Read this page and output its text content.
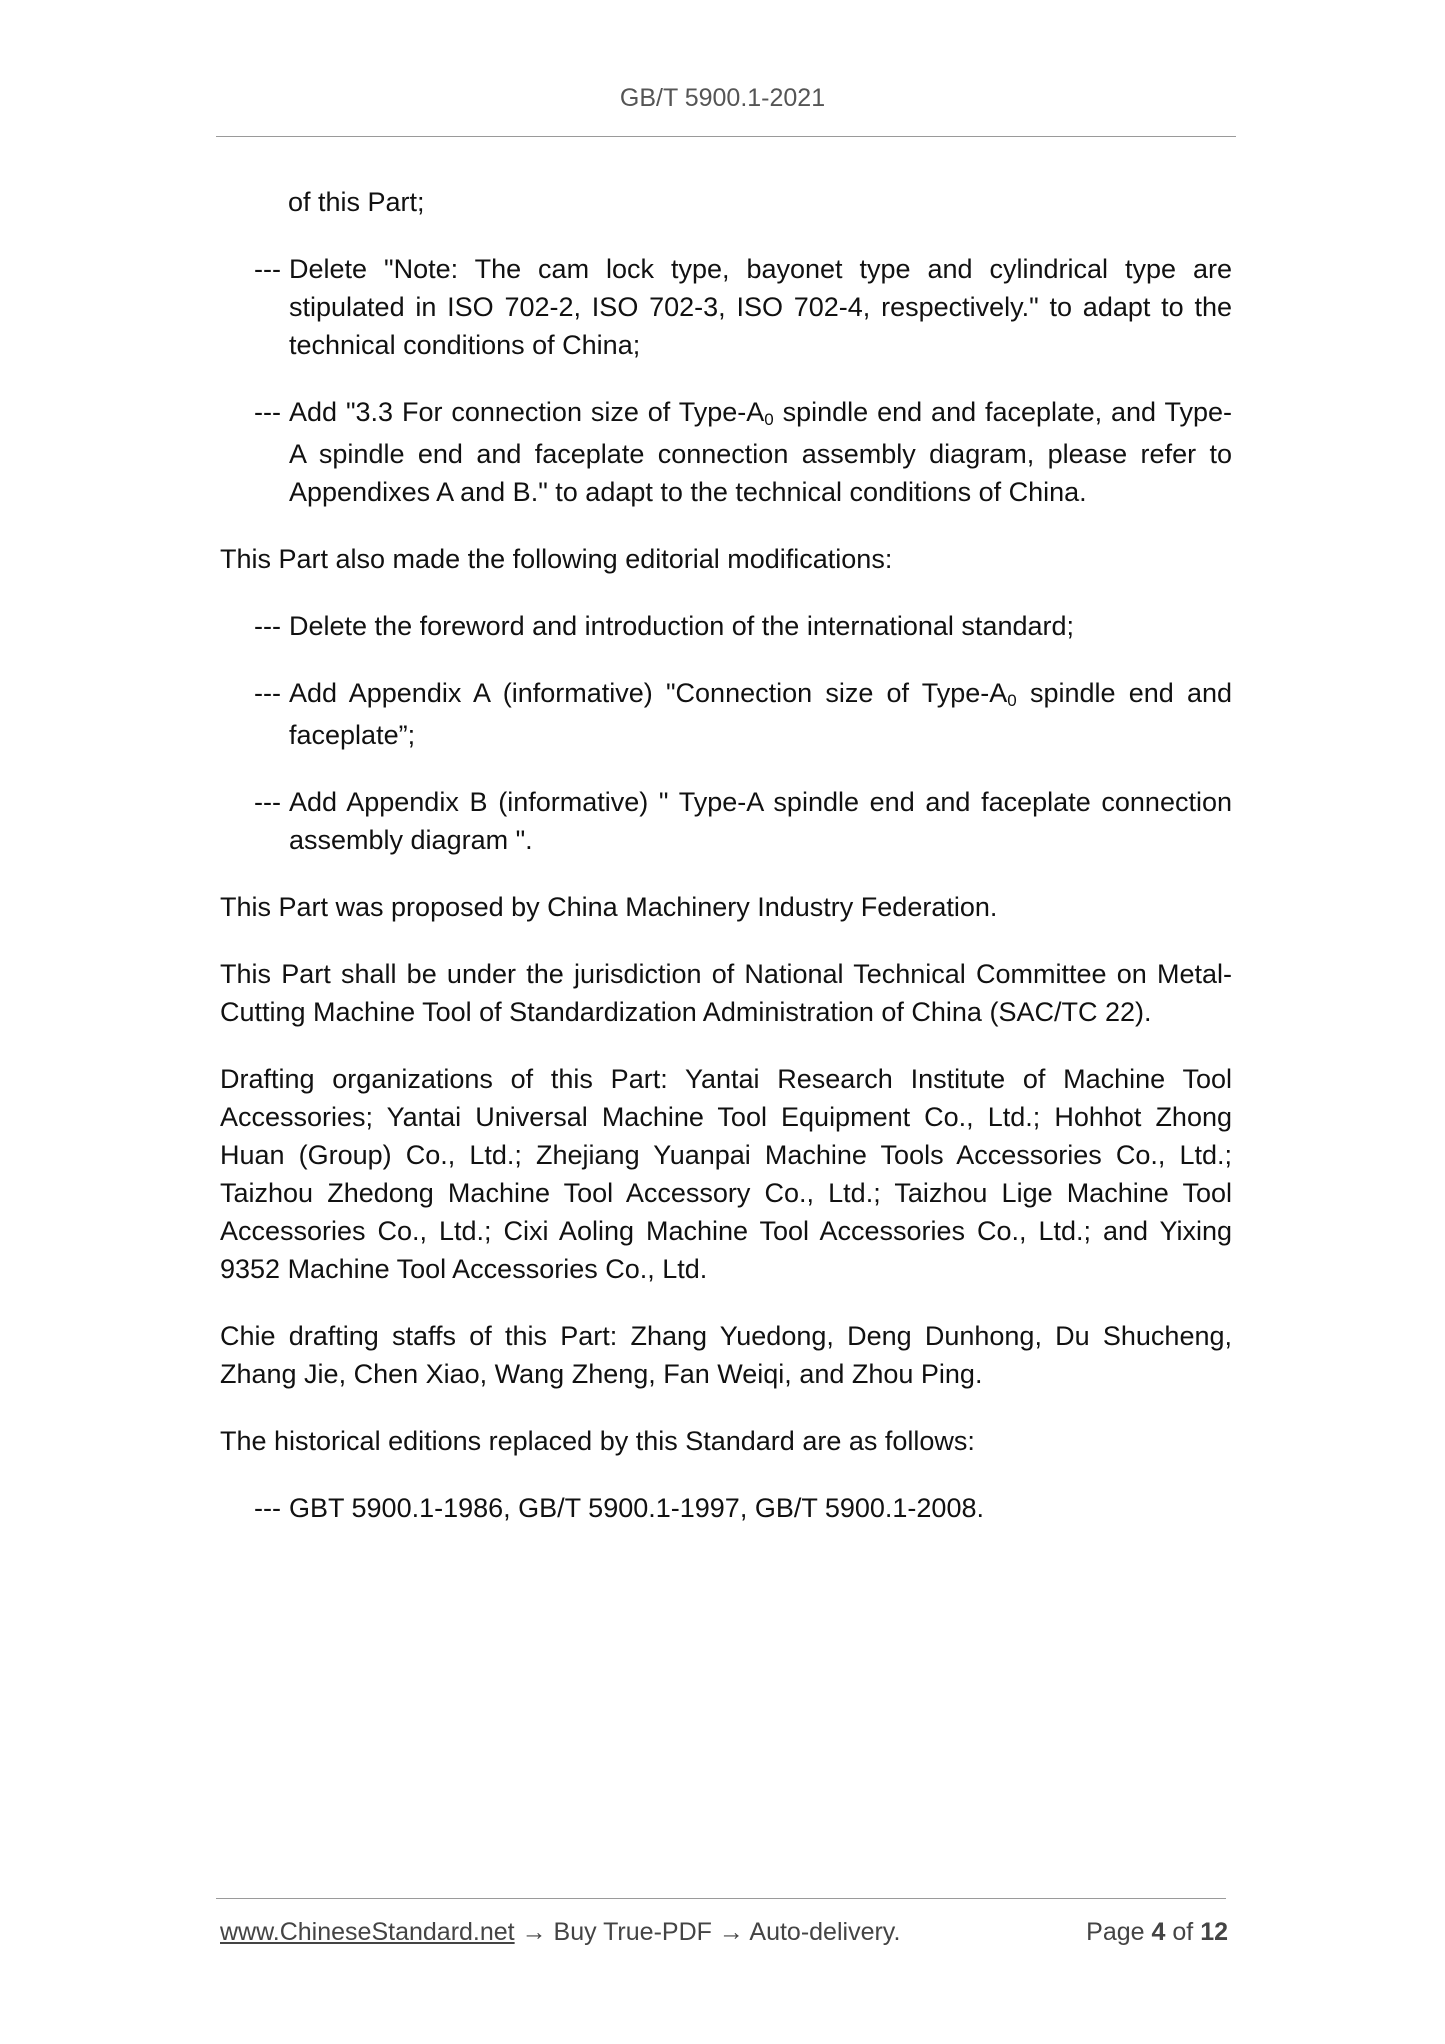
GB/T 5900.1-2021

of this Part;

--- Delete "Note: The cam lock type, bayonet type and cylindrical type are stipulated in ISO 702-2, ISO 702-3, ISO 702-4, respectively." to adapt to the technical conditions of China;
--- Add "3.3 For connection size of Type-$A_0$ spindle end and faceplate, and Type-A spindle end and faceplate connection assembly diagram, please refer to Appendixes A and B." to adapt to the technical conditions of China.

This Part also made the following editorial modifications:

--- Delete the foreword and introduction of the international standard;
--- Add Appendix A (informative) "Connection size of Type-$A_0$ spindle end and faceplate”;
--- Add Appendix B (informative) " Type-A spindle end and faceplate connection assembly diagram ".

This Part was proposed by China Machinery Industry Federation.

This Part shall be under the jurisdiction of National Technical Committee on Metal-Cutting Machine Tool of Standardization Administration of China (SAC/TC 22).

Drafting organizations of this Part: Yantai Research Institute of Machine Tool Accessories; Yantai Universal Machine Tool Equipment Co., Ltd.; Hohhot Zhong Huan (Group) Co., Ltd.; Zhejiang Yuanpai Machine Tools Accessories Co., Ltd.; Taizhou Zhedong Machine Tool Accessory Co., Ltd.; Taizhou Lige Machine Tool Accessories Co., Ltd.; Cixi Aoling Machine Tool Accessories Co., Ltd.; and Yixing 9352 Machine Tool Accessories Co., Ltd.

Chie drafting staffs of this Part: Zhang Yuedong, Deng Dunhong, Du Shucheng, Zhang Jie, Chen Xiao, Wang Zheng, Fan Weiqi, and Zhou Ping.

The historical editions replaced by this Standard are as follows:

--- GBT 5900.1-1986, GB/T 5900.1-1997, GB/T 5900.1-2008.
www.ChineseStandard.net → Buy True-PDF → Auto-delivery.	Page 4 of 12
